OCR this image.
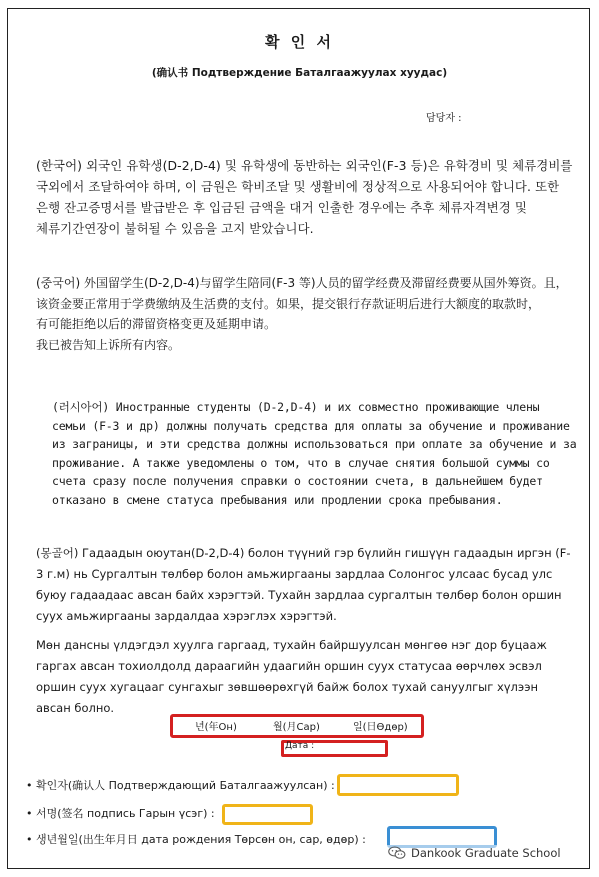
확 인 서
(确认书 Подтверждение Баталгаажуулах хуудас)
담당자 :

(한국어) 외국인 유학생(D-2,D-4) 및 유학생에 동반하는 외국인(F-3 등)은 유학경비 및 체류경비를 국외에서 조달하여야 하며, 이 금원은 학비조달 및 생활비에 정상적으로 사용되어야 합니다. 또한 은행 잔고증명서를 발급받은 후 입금된 금액을 대거 인출한 경우에는 추후 체류자격변경 및 체류기간연장이 불허될 수 있음을 고지 받았습니다.

(중국어) 外国留学生(D-2,D-4)与留学生陪同(F-3 等)人员的留学经费及滞留经费要从国外筹资。且，该资金要正常用于学费缴纳及生活费的支付。如果，提交银行存款证明后进行大额度的取款时，有可能拒绝以后的滞留资格变更及延期申请。

我已被告知上诉所有内容。

(러시아어) Иностранные студенты (D-2,D-4) и их совместно проживающие члены семьи (F-3 и др) должны получать средства для оплаты за обучение и проживание из заграницы, и эти средства должны использоваться при оплате за обучение и за проживание. А также уведомлены о том, что в случае снятия большой суммы со счета сразу после получения справки о состоянии счета, в дальнейшем будет отказано в смене статуса пребывания или продлении срока пребывания.

(몽골어) Гадаадын оюутан(D-2,D-4) болон түүний гэр бүлийн гишүүн гадаадын иргэн (F-3 г.м) нь Сургалтын төлбөр болон амьжиргааны зардлаа Солонгос улсаас бусад улс буюу гадаадаас авсан байх хэрэгтэй. Тухайн зардлаа сургалтын төлбөр болон оршин суух амьжиргааны зардалдаа хэрэглэх хэрэгтэй.

Мөн дансны үлдэгдэл хуулга гаргаад, тухайн байршуулсан мөнгөө нэг дор буцааж гаргах авсан тохиолдолд дараагийн удаагийн оршин суух статусаа өөрчлөх эсвэл оршин суух хугацааг сунгахыг зөвшөөрөхгүй байж болох тухай сануулгыг хүлээн авсан болно.

년(年Он)	월(月Сар)	일(日Өдөр)
Дата :
• 확인자(确认人 Подтверждающий Баталгаажуулсан) :
• 서명(签名 подпись Гарын үсэг) :
• 생년월일(出生年月日 дата рождения Төрсөн он, сар, өдөр) :
Dankook Graduate School
